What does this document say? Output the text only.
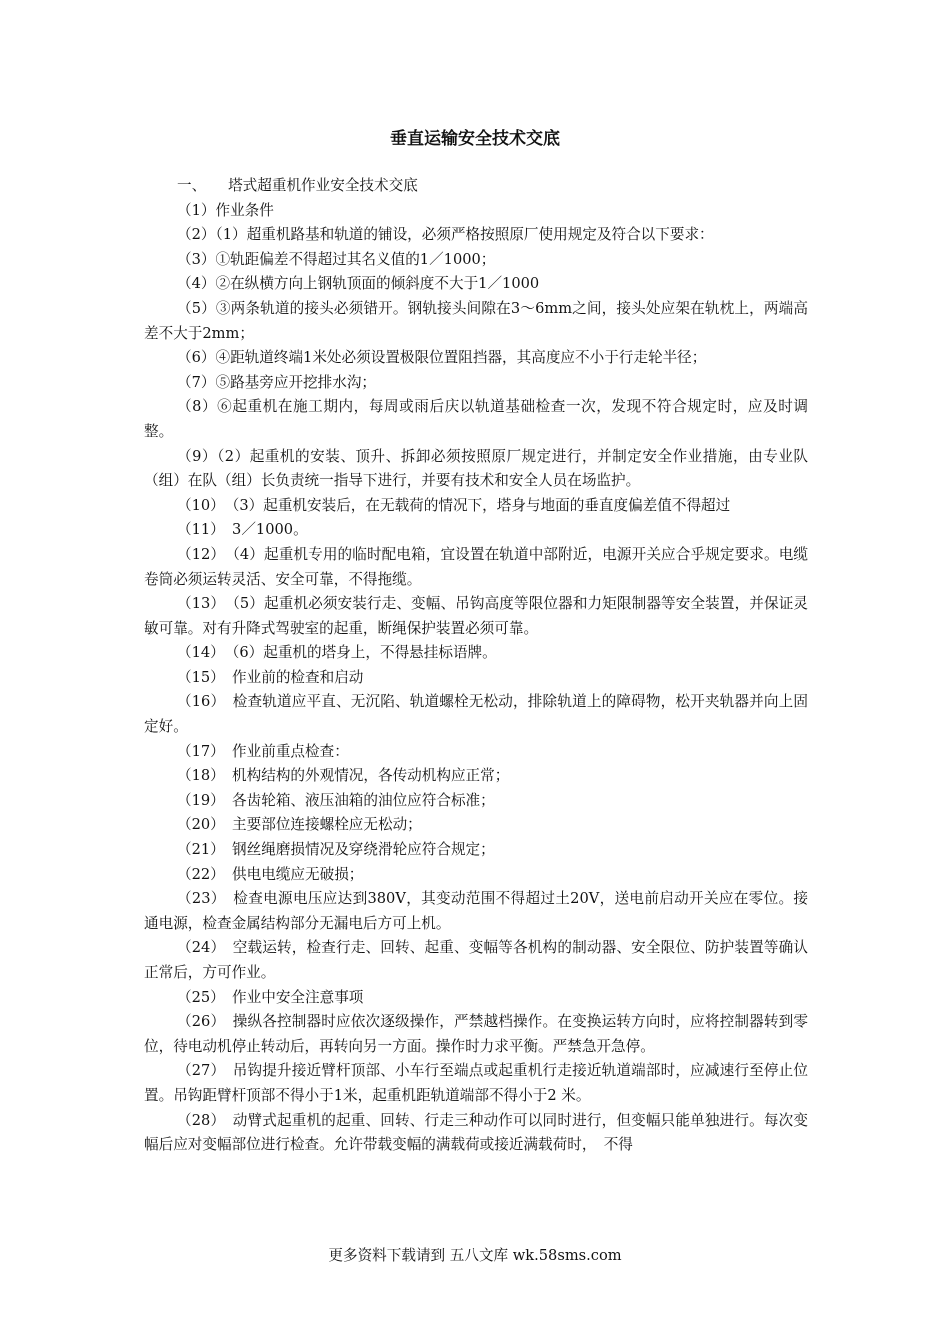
垂直运输安全技术交底

一、　　塔式超重机作业安全技术交底

（1）作业条件

（2）（1）超重机路基和轨道的铺设，必须严格按照原厂使用规定及符合以下要求：

（3）①轨距偏差不得超过其名义值的1／1000；

（4）②在纵横方向上钢轨顶面的倾斜度不大于1／1000

（5）③两条轨道的接头必须错开。钢轨接头间隙在3～6mm之间，接头处应架在轨枕上，两端高差不大于2mm；

（6）④距轨道终端1米处必须设置极限位置阻挡器，其高度应不小于行走轮半径；

（7）⑤路基旁应开挖排水沟；

（8）⑥起重机在施工期内，每周或雨后庆以轨道基础检查一次，发现不符合规定时，应及时调整。

（9）（2）起重机的安装、顶升、拆卸必须按照原厂规定进行，并制定安全作业措施，由专业队（组）在队（组）长负责统一指导下进行，并要有技术和安全人员在场监护。

（10）　（3）起重机安装后，在无载荷的情况下，塔身与地面的垂直度偏差值不得超过

（11）　3／1000。

（12）　（4）起重机专用的临时配电箱，宜设置在轨道中部附近，电源开关应合乎规定要求。电缆卷筒必须运转灵活、安全可靠，不得拖缆。

（13）　（5）起重机必须安装行走、变幅、吊钩高度等限位器和力矩限制器等安全装置，并保证灵敏可靠。对有升降式驾驶室的起重，断绳保护装置必须可靠。

（14）　（6）起重机的塔身上，不得悬挂标语牌。

（15）　作业前的检查和启动

（16）　检查轨道应平直、无沉陷、轨道螺栓无松动，排除轨道上的障碍物，松开夹轨器并向上固定好。

（17）　作业前重点检查：

（18）　机构结构的外观情况，各传动机构应正常；

（19）　各齿轮箱、液压油箱的油位应符合标准；

（20）　主要部位连接螺栓应无松动；

（21）　钢丝绳磨损情况及穿绕滑轮应符合规定；

（22）　供电电缆应无破损；

（23）　检查电源电压应达到380V，其变动范围不得超过土20V，送电前启动开关应在零位。接通电源，检查金属结构部分无漏电后方可上机。

（24）　空载运转，检查行走、回转、起重、变幅等各机构的制动器、安全限位、防护装置等确认正常后，方可作业。

（25）　作业中安全注意事项

（26）　操纵各控制器时应依次逐级操作，严禁越档操作。在变换运转方向时，应将控制器转到零位，待电动机停止转动后，再转向另一方面。操作时力求平衡。严禁急开急停。

（27）　吊钩提升接近臂杆顶部、小车行至端点或起重机行走接近轨道端部时，应减速行至停止位置。吊钩距臂杆顶部不得小于1米，起重机距轨道端部不得小于2 米。

（28）　动臂式起重机的起重、回转、行走三种动作可以同时进行，但变幅只能单独进行。每次变幅后应对变幅部位进行检查。允许带载变幅的满载荷或接近满载荷时，　不得

更多资料下载请到 五八文库 wk.58sms.com
